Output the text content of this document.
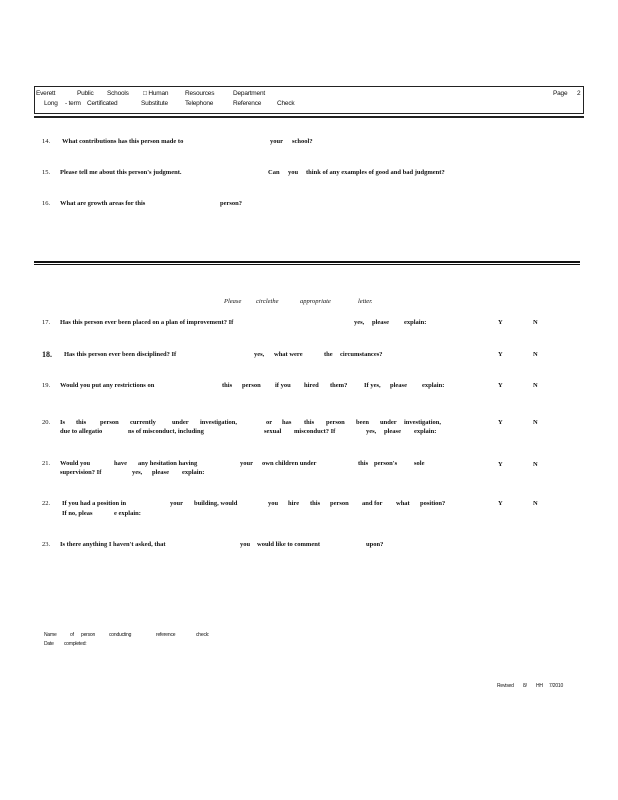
Everett	Public Schools □ Human	Resources	Department
Long - term Certificated	Substitute	Telephone	Reference Check
Page 2
14. What contributions has this person made to	your school?
15. Please tell me about this person's judgment.	Can you think of any examples of good and bad judgment?
16. What are growth areas for this	person?
Please circlethe	appropriate	letter.
17. Has this person ever been placed on a plan of improvement? If	yes, please explain:	Y	N
18. Has this person ever been disciplined? If	yes, what were	the circumstances?	Y	N
19. Would you put any restrictions on	this person if you hired them?	If yes, please explain:	Y	N
20. Is this person currently under investigation,	or has this person been under investigation,
due to allegatio	ns of misconduct, including	sexual misconduct? If	yes, please explain:
Y	N
21. Would you	have any hesitation having	your own children under	this person's	sole
supervision? If	yes, please explain:
Y	N
22. If you had a position in	your building, would	you hire this person and for what position?
If no, pleas	e explain:
Y	N
23. Is there anything I haven't asked, that	you would like to comment	upon?
Name	of person	conducting	reference	check:
Date completed:
Revised 8/ HH 7/2010
